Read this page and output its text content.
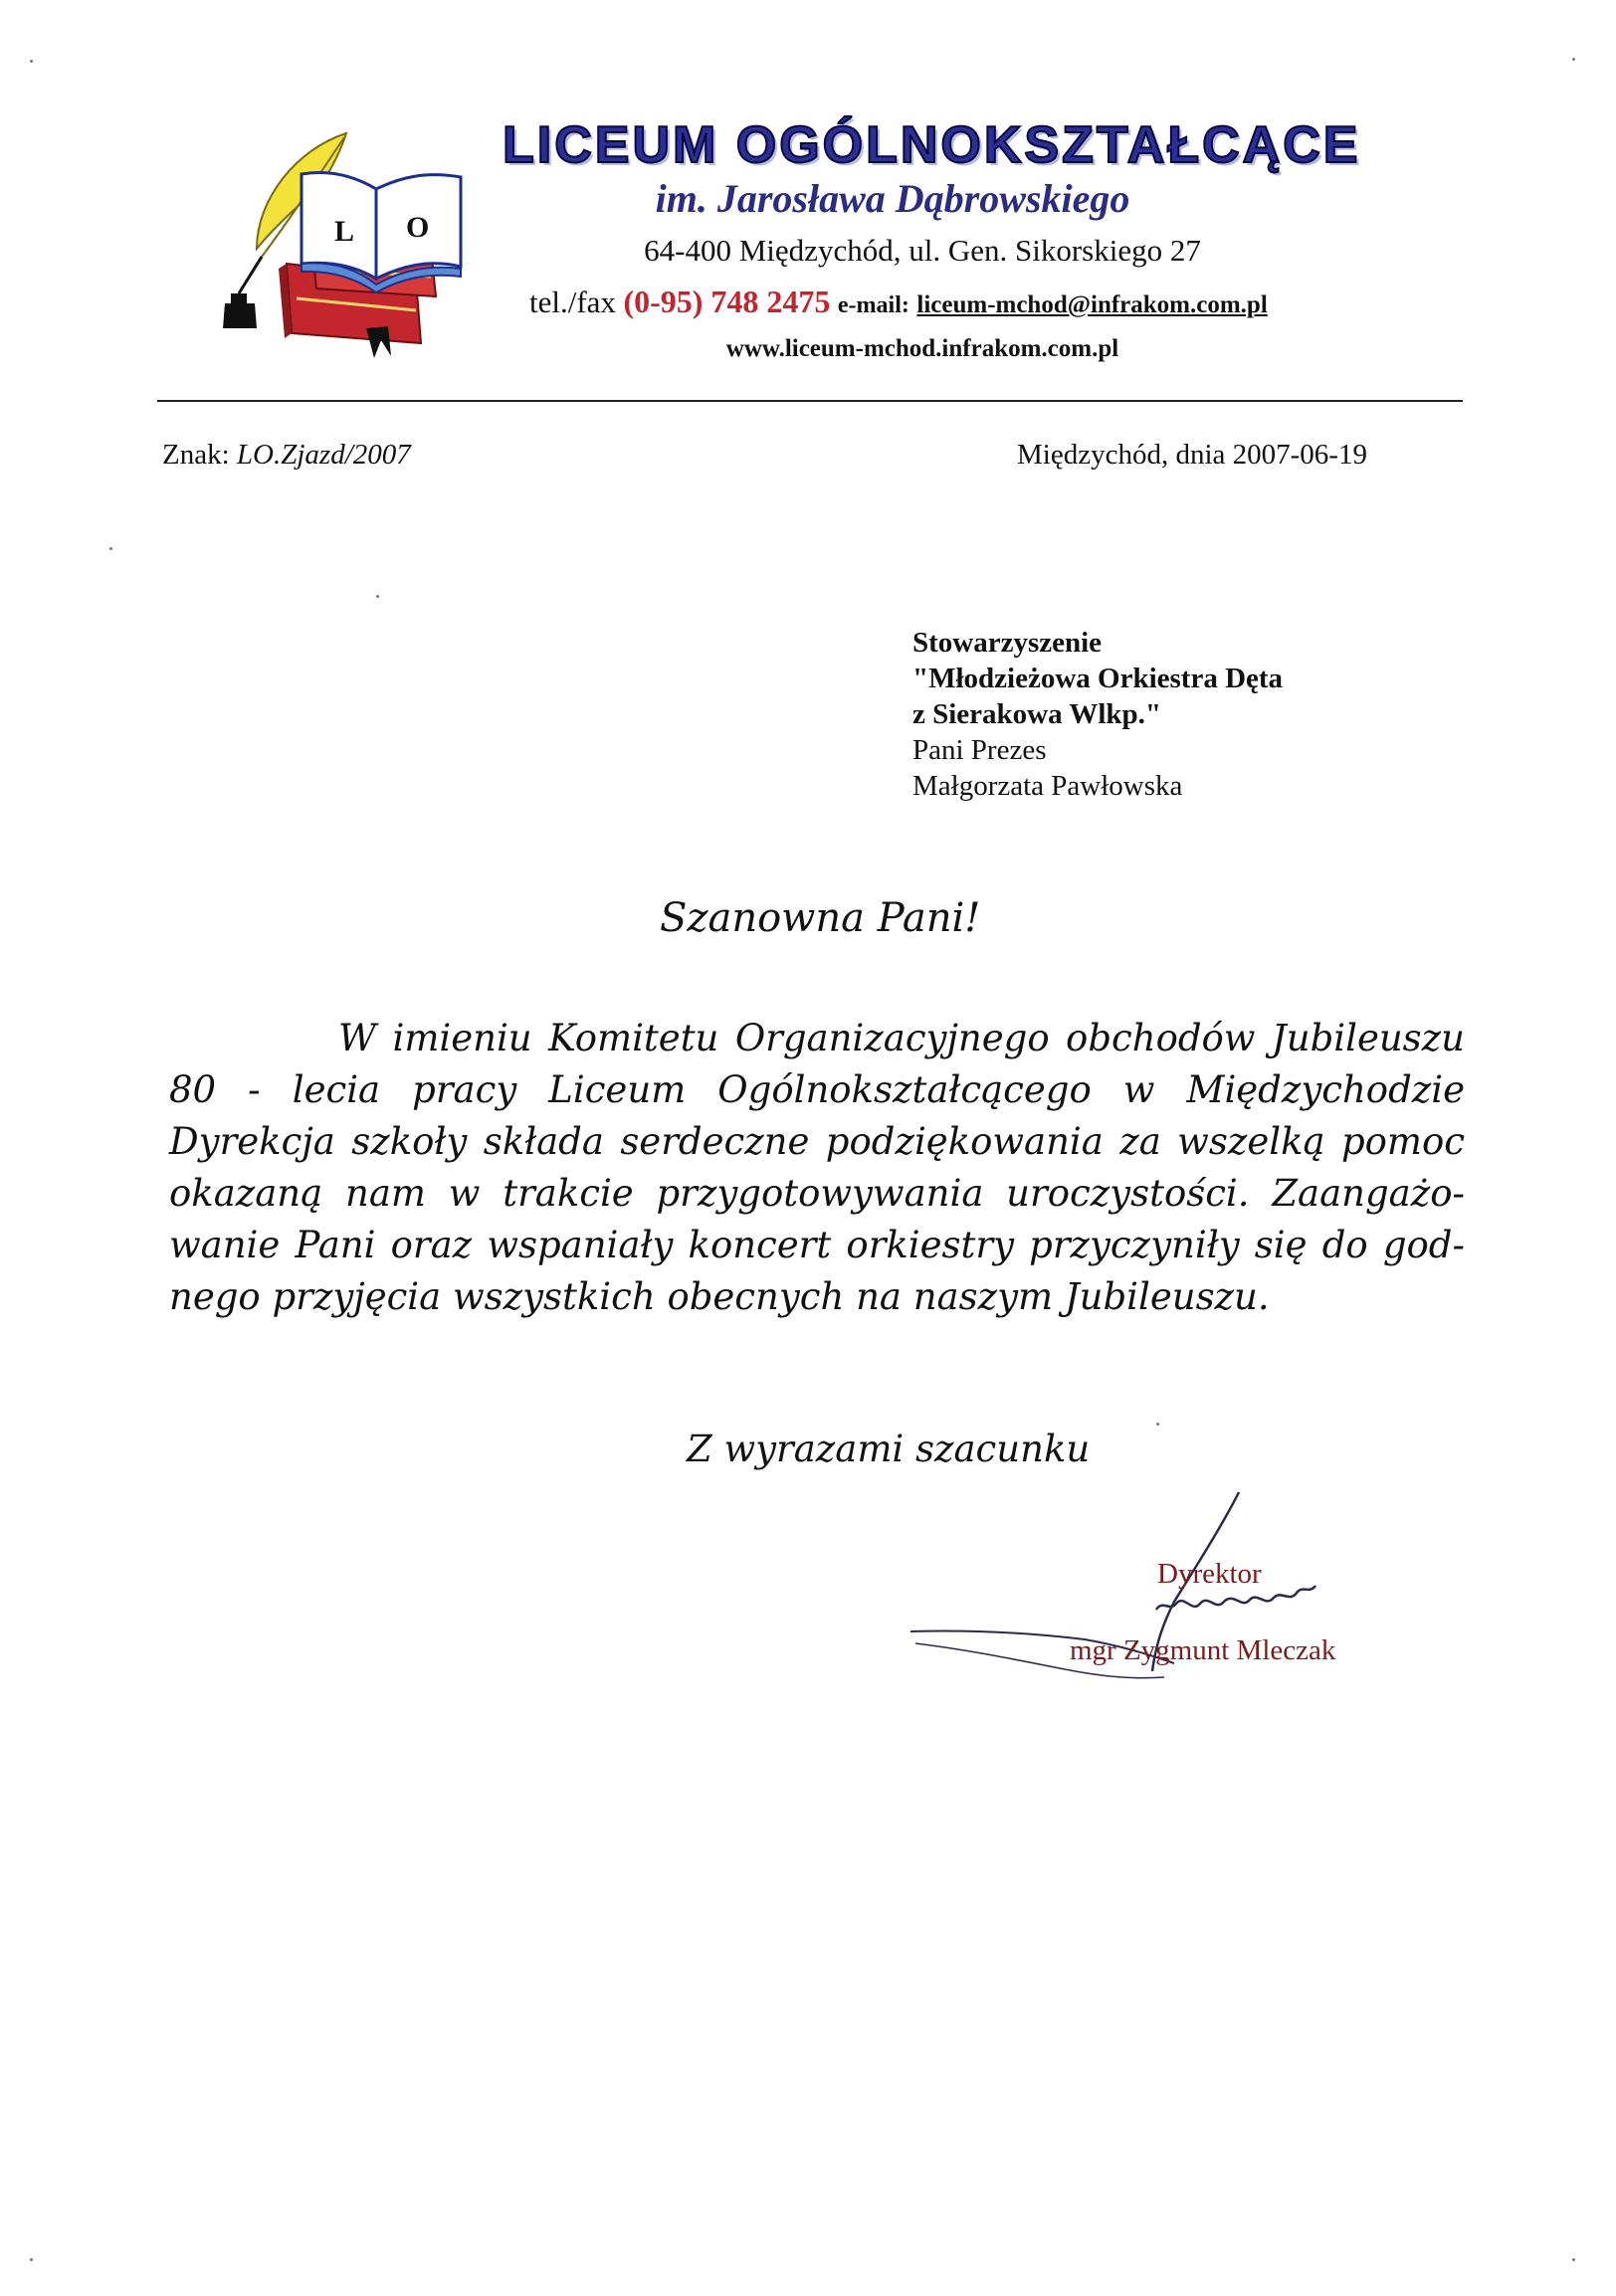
L O
LICEUM OGÓLNOKSZTAŁCĄCE
im. Jarosława Dąbrowskiego
64-400 Międzychód, ul. Gen. Sikorskiego 27
tel./fax (0-95) 748 2475 e-mail: liceum-mchod@infrakom.com.pl
www.liceum-mchod.infrakom.com.pl
Znak: LO.Zjazd/2007	Międzychód, dnia 2007-06-19
Stowarzyszenie
"Młodzieżowa Orkiestra Dęta
z Sierakowa Wlkp."
Pani Prezes
Małgorzata Pawłowska
Szanowna Pani!
W imieniu Komitetu Organizacyjnego obchodów Jubileuszu
80 - lecia pracy Liceum Ogólnokształcącego w Międzychodzie
Dyrekcja szkoły składa serdeczne podziękowania za wszelką pomoc
okazaną nam w trakcie przygotowywania uroczystości. Zaangażo-
wanie Pani oraz wspaniały koncert orkiestry przyczyniły się do god-
nego przyjęcia wszystkich obecnych na naszym Jubileuszu.
Z wyrazami szacunku
Dyrektor
mgr Zygmunt Mleczak
